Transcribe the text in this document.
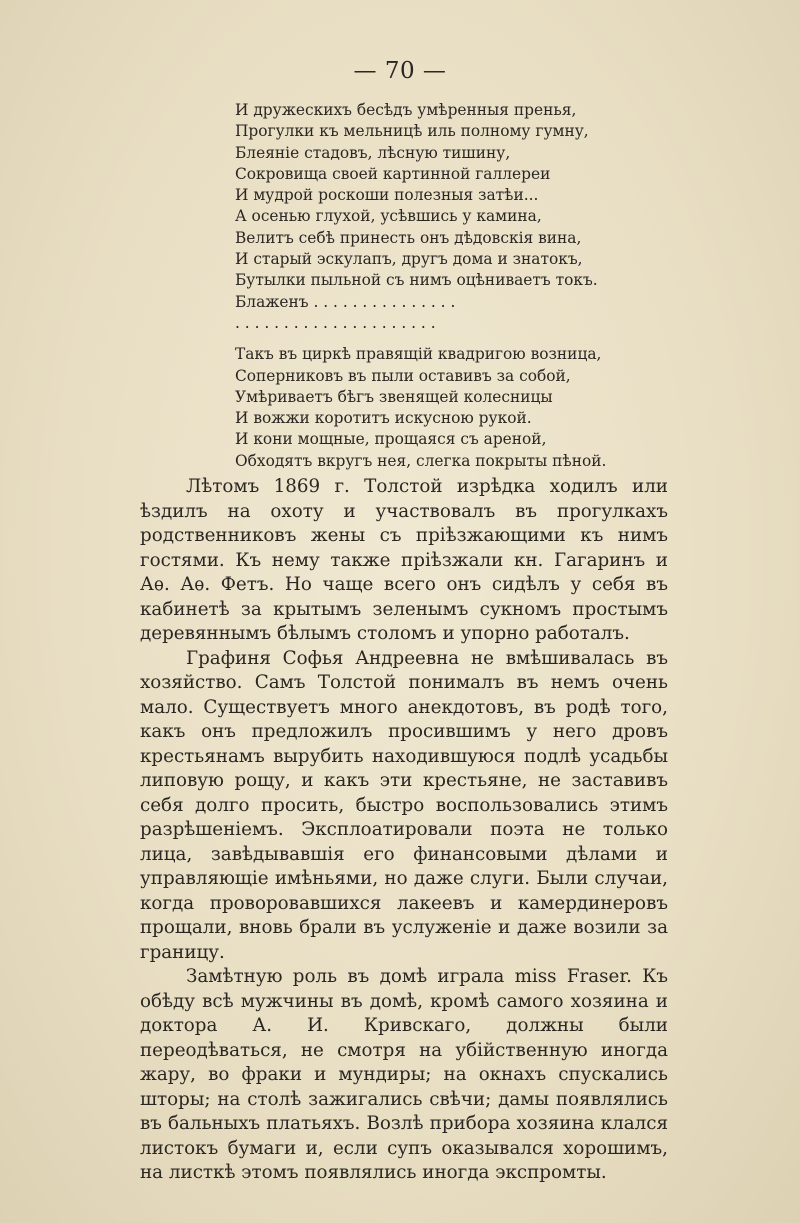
— 70 —
И дружескихъ бесѣдъ умѣренныя пренья,
Прогулки къ мельницѣ иль полному гумну,
Блеянiе стадовъ, лѣсную тишину,
Сокровища своей картинной галлереи
И мудрой роскоши полезныя затѣи...
А осенью глухой, усѣвшись у камина,
Велитъ себѣ принесть онъ дѣдовскiя вина,
И старый эскулапъ, другъ дома и знатокъ,
Бутылки пыльной съ нимъ оцѣниваетъ токъ.
Блаженъ . . . . . . . . . . . . . . .
. . . . . . . . . . . . . . . . . . . . .
Такъ въ циркѣ правящiй квадригою возница,
Соперниковъ въ пыли оставивъ за собой,
Умѣриваетъ бѣгъ звенящей колесницы
И вожжи коротитъ искусною рукой.
И кони мощные, прощаяся съ ареной,
Обходятъ вкругъ нея, слегка покрыты пѣной.

Лѣтомъ 1869 г. Толстой изрѣдка ходилъ или ѣздилъ на охоту и участвовалъ въ прогулкахъ родственниковъ жены съ прiѣзжающими къ нимъ гостями. Къ нему также прiѣзжали кн. Гагаринъ и Аѳ. Аѳ. Фетъ. Но чаще всего онъ сидѣлъ у себя въ кабинетѣ за крытымъ зеленымъ сукномъ простымъ деревяннымъ бѣлымъ столомъ и упорно работалъ.

Графиня Софья Андреевна не вмѣшивалась въ хозяйство. Самъ Толстой понималъ въ немъ очень мало. Существуетъ много анекдотовъ, въ родѣ того, какъ онъ предложилъ просившимъ у него дровъ крестьянамъ вырубить находившуюся подлѣ усадьбы липовую рощу, и какъ эти крестьяне, не заставивъ себя долго просить, быстро воспользовались этимъ разрѣшенiемъ. Эксплоатировали поэта не только лица, завѣдывавшiя его финансовыми дѣлами и управляющiе имѣньями, но даже слуги. Были случаи, когда проворовавшихся лакеевъ и камердинеровъ прощали, вновь брали въ услуженiе и даже возили за границу.

Замѣтную роль въ домѣ играла miss Fraser. Къ обѣду всѣ мужчины въ домѣ, кромѣ самого хозяина и доктора А. И. Кривскаго, должны были переодѣваться, не смотря на убiйственную иногда жару, во фраки и мундиры; на окнахъ спускались шторы; на столѣ зажигались свѣчи; дамы появлялись въ бальныхъ платьяхъ. Возлѣ прибора хозяина клался листокъ бумаги и, если супъ оказывался хорошимъ, на листкѣ этомъ появлялись иногда экспромты.
